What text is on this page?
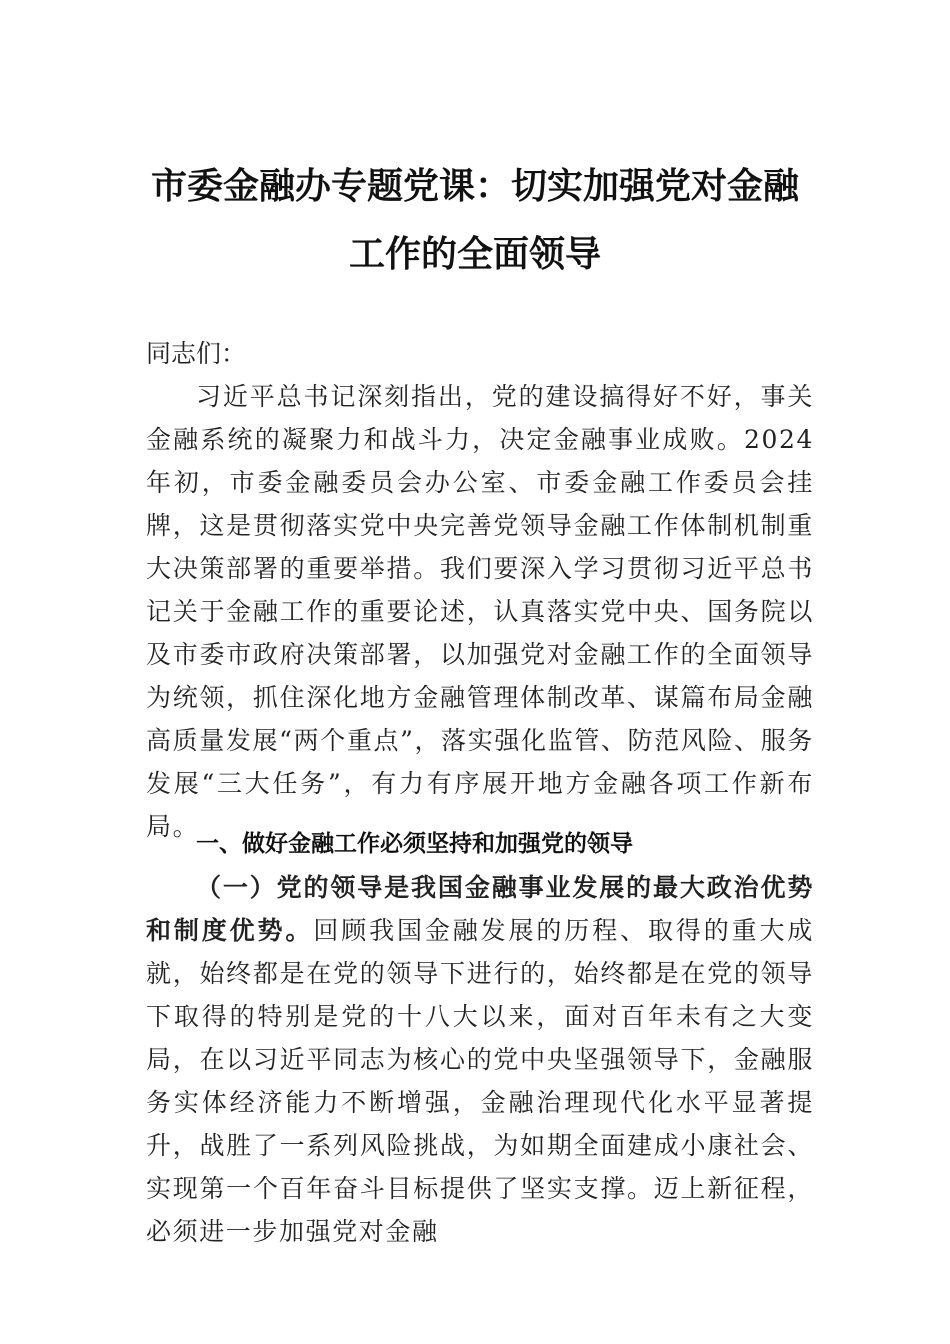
市委金融办专题党课：切实加强党对金融
工作的全面领导
同志们：
习近平总书记深刻指出，党的建设搞得好不好，事关金融系统的凝聚力和战斗力，决定金融事业成败。2024年初，市委金融委员会办公室、市委金融工作委员会挂牌，这是贯彻落实党中央完善党领导金融工作体制机制重大决策部署的重要举措。我们要深入学习贯彻习近平总书记关于金融工作的重要论述，认真落实党中央、国务院以及市委市政府决策部署，以加强党对金融工作的全面领导为统领，抓住深化地方金融管理体制改革、谋篇布局金融高质量发展“两个重点”，落实强化监管、防范风险、服务发展“三大任务”，有力有序展开地方金融各项工作新布局。
一、做好金融工作必须坚持和加强党的领导
（一）党的领导是我国金融事业发展的最大政治优势和制度优势。回顾我国金融发展的历程、取得的重大成就，始终都是在党的领导下进行的，始终都是在党的领导下取得的特别是党的十八大以来，面对百年未有之大变局，在以习近平同志为核心的党中央坚强领导下，金融服务实体经济能力不断增强，金融治理现代化水平显著提升，战胜了一系列风险挑战，为如期全面建成小康社会、实现第一个百年奋斗目标提供了坚实支撑。迈上新征程，必须进一步加强党对金融
